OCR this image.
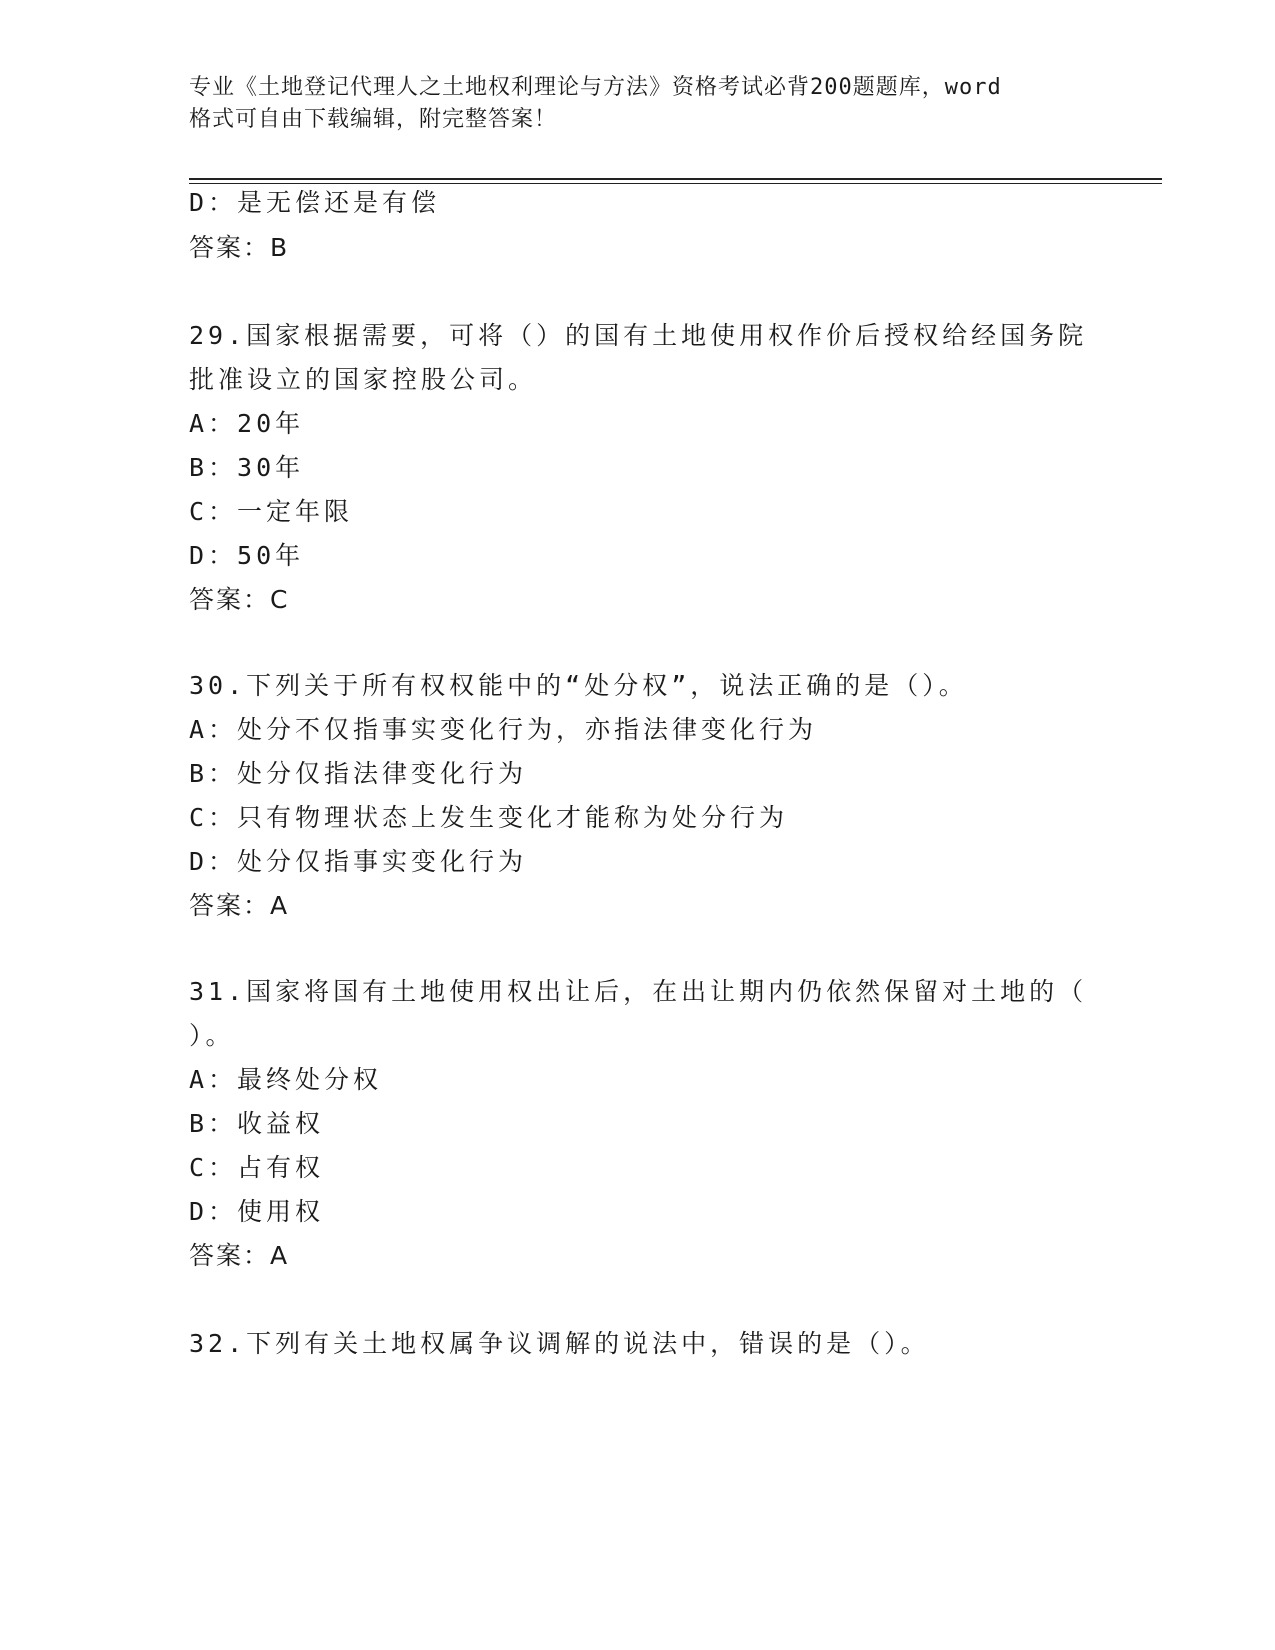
专业《土地登记代理人之土地权利理论与方法》资格考试必背200题题库，word
格式可自由下载编辑，附完整答案！
D：是无偿还是有偿
答案：B
29.国家根据需要，可将（）的国有土地使用权作价后授权给经国务院
批准设立的国家控股公司。
A：20年
B：30年
C：一定年限
D：50年
答案：C
30.下列关于所有权权能中的“处分权”，说法正确的是（）。
A：处分不仅指事实变化行为，亦指法律变化行为
B：处分仅指法律变化行为
C：只有物理状态上发生变化才能称为处分行为
D：处分仅指事实变化行为
答案：A
31.国家将国有土地使用权出让后，在出让期内仍依然保留对土地的（
）。
A：最终处分权
B：收益权
C：占有权
D：使用权
答案：A
32.下列有关土地权属争议调解的说法中，错误的是（）。
